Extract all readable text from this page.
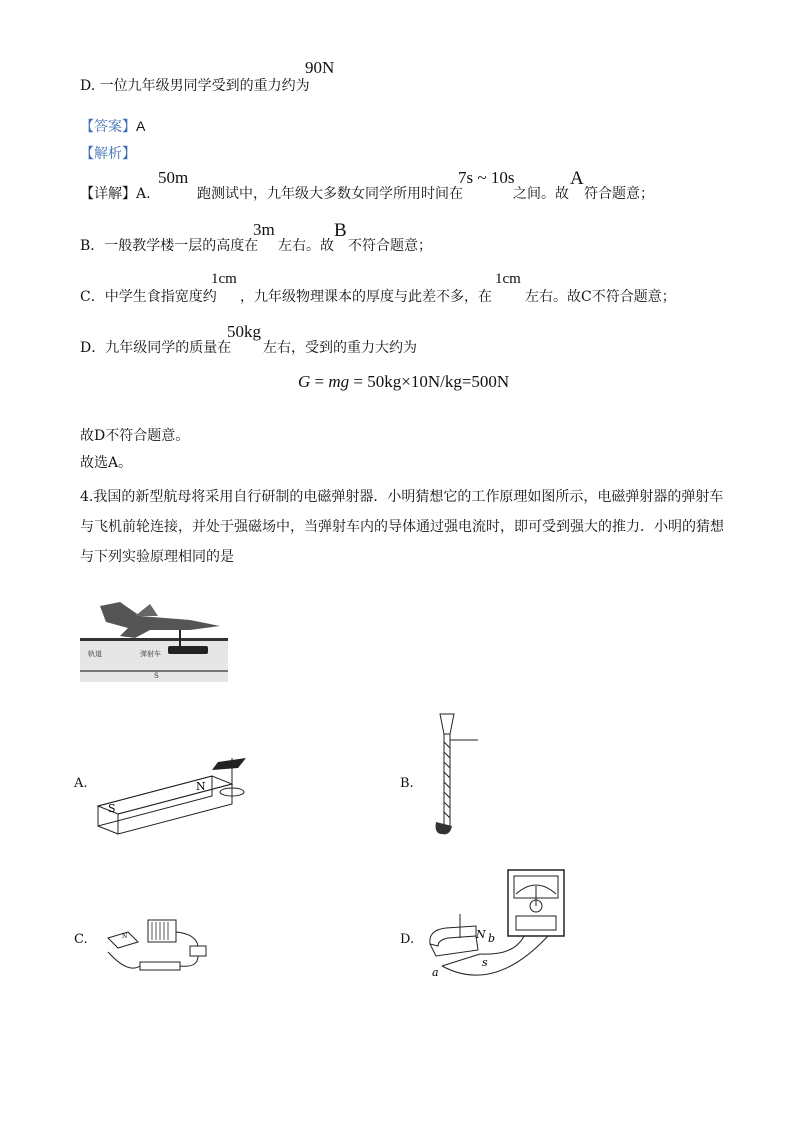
D. 一位九年级男同学受到的重力约为
90N
【答案】A
【解析】
【详解】A.
50m
跑测试中，九年级大多数女同学所用时间在
7s ~ 10s
之间。故
A
符合题意；
B．一般教学楼一层的高度在
3m
左右。故
B
不符合题意；
C．中学生食指宽度约
1cm
，九年级物理课本的厚度与此差不多，在
1cm
左右。故C不符合题意；
D．九年级同学的质量在
50kg
左右，受到的重力大约为
G = mg = 50kg×10N/kg=500N
故D不符合题意。
故选A。
4.我国的新型航母将采用自行研制的电磁弹射器．小明猜想它的工作原理如图所示，电磁弹射器的弹射车
与飞机前轮连接，并处于强磁场中，当弹射车内的导体通过强电流时，即可受到强大的推力．小明的猜想
与下列实验原理相同的是
轨道	弹射车
S
A.
S
N	B.
C.	N	D.	N b
a
s
